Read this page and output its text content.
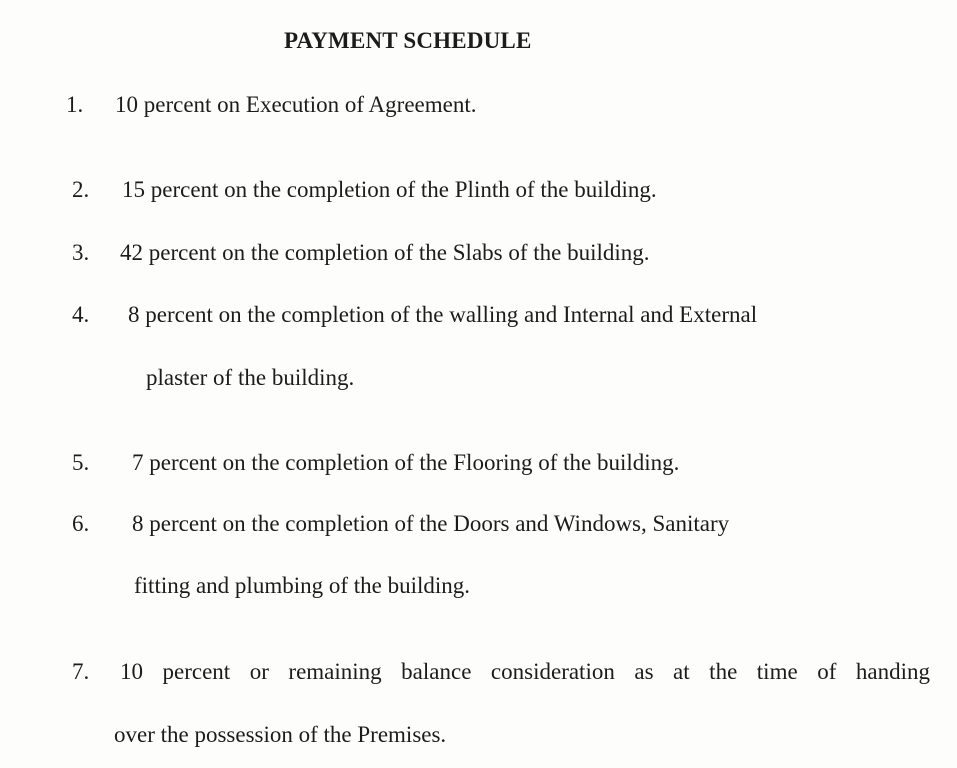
PAYMENT SCHEDULE
1. 10 percent on Execution of Agreement.
2. 15 percent on the completion of the Plinth of the building.
3. 42 percent on the completion of the Slabs of the building.
4. 8 percent on the completion of the walling and Internal and External
plaster of the building.
5. 7 percent on the completion of the Flooring of the building.
6. 8 percent on the completion of the Doors and Windows, Sanitary
fitting and plumbing of the building.
7. 10 percent or remaining balance consideration as at the time of handing
over the possession of the Premises.
